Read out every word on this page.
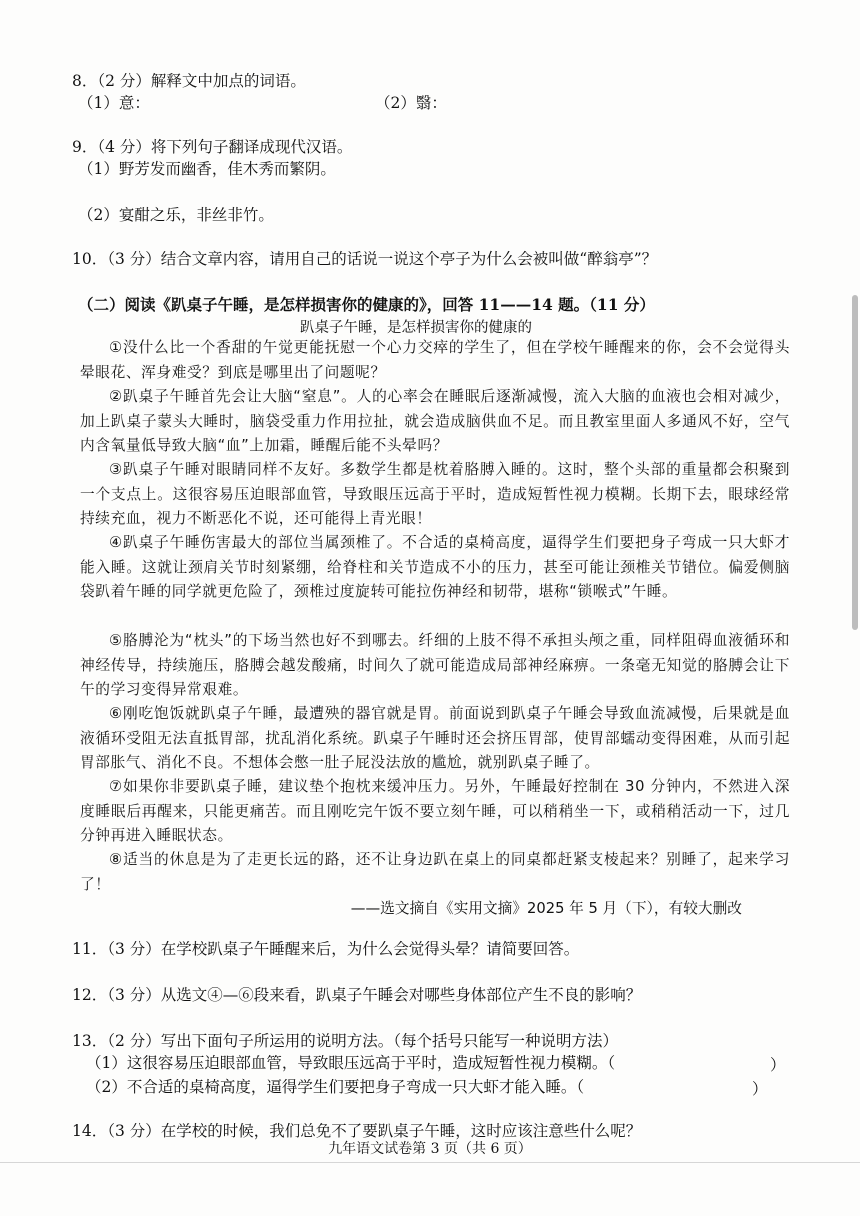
8．（2 分）解释文中加点的词语。
（1）意：	（2）翳：
9．（4 分）将下列句子翻译成现代汉语。
（1）野芳发而幽香，佳木秀而繁阴。
（2）宴酣之乐，非丝非竹。
10．（3 分）结合文章内容，请用自己的话说一说这个亭子为什么会被叫做“醉翁亭”？
（二）阅读《趴桌子午睡，是怎样损害你的健康的》，回答 11——14 题。（11 分）
趴桌子午睡，是怎样损害你的健康的
①没什么比一个香甜的午觉更能抚慰一个心力交瘁的学生了，但在学校午睡醒来的你，会不会觉得头晕眼花、浑身难受？到底是哪里出了问题呢？
②趴桌子午睡首先会让大脑“窒息”。人的心率会在睡眠后逐渐减慢，流入大脑的血液也会相对减少，加上趴桌子蒙头大睡时，脑袋受重力作用拉扯，就会造成脑供血不足。而且教室里面人多通风不好，空气内含氧量低导致大脑“血”上加霜，睡醒后能不头晕吗？
③趴桌子午睡对眼睛同样不友好。多数学生都是枕着胳膊入睡的。这时，整个头部的重量都会积聚到一个支点上。这很容易压迫眼部血管，导致眼压远高于平时，造成短暂性视力模糊。长期下去，眼球经常持续充血，视力不断恶化不说，还可能得上青光眼！
④趴桌子午睡伤害最大的部位当属颈椎了。不合适的桌椅高度，逼得学生们要把身子弯成一只大虾才能入睡。这就让颈肩关节时刻紧绷，给脊柱和关节造成不小的压力，甚至可能让颈椎关节错位。偏爱侧脑袋趴着午睡的同学就更危险了，颈椎过度旋转可能拉伤神经和韧带，堪称“锁喉式”午睡。
⑤胳膊沦为“枕头”的下场当然也好不到哪去。纤细的上肢不得不承担头颅之重，同样阻碍血液循环和神经传导，持续施压，胳膊会越发酸痛，时间久了就可能造成局部神经麻痹。一条毫无知觉的胳膊会让下午的学习变得异常艰难。
⑥刚吃饱饭就趴桌子午睡，最遭殃的器官就是胃。前面说到趴桌子午睡会导致血流减慢，后果就是血液循环受阻无法直抵胃部，扰乱消化系统。趴桌子午睡时还会挤压胃部，使胃部蠕动变得困难，从而引起胃部胀气、消化不良。不想体会憋一肚子屁没法放的尴尬，就别趴桌子睡了。
⑦如果你非要趴桌子睡，建议垫个抱枕来缓冲压力。另外，午睡最好控制在 30 分钟内，不然进入深度睡眠后再醒来，只能更痛苦。而且刚吃完午饭不要立刻午睡，可以稍稍坐一下，或稍稍活动一下，过几分钟再进入睡眠状态。
⑧适当的休息是为了走更长远的路，还不让身边趴在桌上的同桌都赶紧支棱起来？别睡了，起来学习了！
——选文摘自《实用文摘》2025 年 5 月（下），有较大删改
11．（3 分）在学校趴桌子午睡醒来后，为什么会觉得头晕？请简要回答。
12．（3 分）从选文④—⑥段来看，趴桌子午睡会对哪些身体部位产生不良的影响？
13．（2 分）写出下面句子所运用的说明方法。（每个括号只能写一种说明方法）
（1）这很容易压迫眼部血管，导致眼压远高于平时，造成短暂性视力模糊。（	）
（2）不合适的桌椅高度，逼得学生们要把身子弯成一只大虾才能入睡。（	）
14．（3 分）在学校的时候，我们总免不了要趴桌子午睡，这时应该注意些什么呢？
九年语文试卷第 3 页（共 6 页）
